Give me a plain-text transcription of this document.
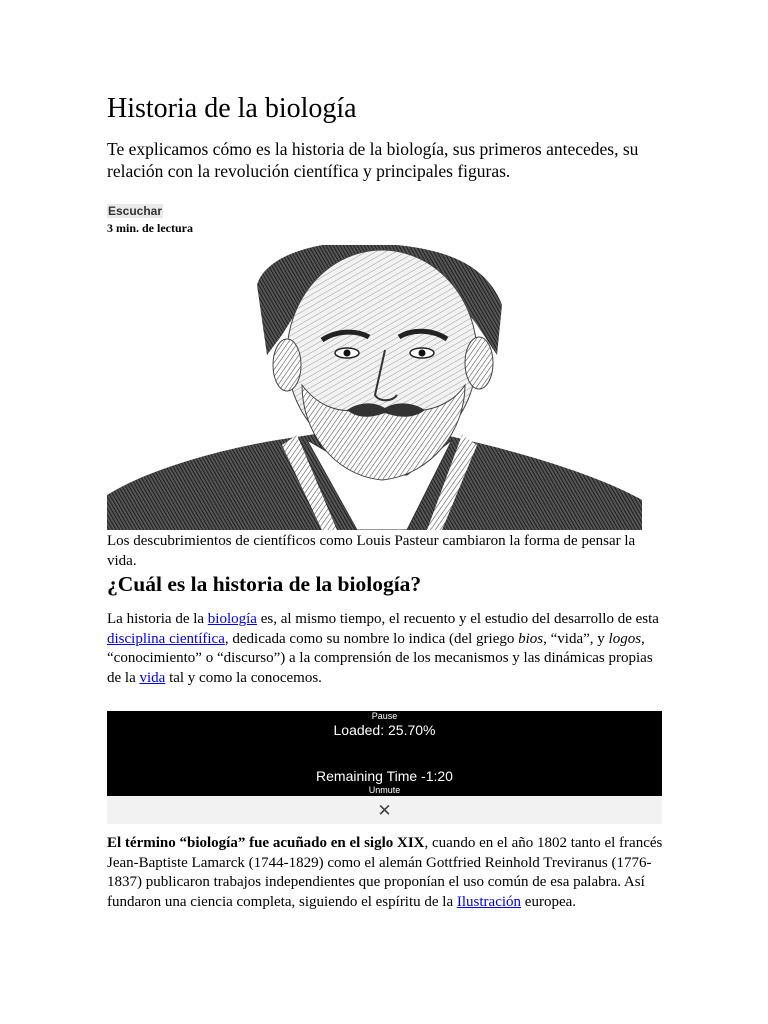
Historia de la biología

Te explicamos cómo es la historia de la biología, sus primeros antecedes, su relación con la revolución científica y principales figuras.

Escuchar
3 min. de lectura

Los descubrimientos de científicos como Louis Pasteur cambiaron la forma de pensar la vida.

¿Cuál es la historia de la biología?

La historia de la biología es, al mismo tiempo, el recuento y el estudio del desarrollo de esta disciplina científica, dedicada como su nombre lo indica (del griego bios, “vida”, y logos, “conocimiento” o “discurso”) a la comprensión de los mecanismos y las dinámicas propias de la vida tal y como la conocemos.

Pause
Loaded: 25.70%
Remaining Time -1:20
Unmute
✕

El término “biología” fue acuñado en el siglo XIX, cuando en el año 1802 tanto el francés Jean-Baptiste Lamarck (1744-1829) como el alemán Gottfried Reinhold Treviranus (1776-1837) publicaron trabajos independientes que proponían el uso común de esa palabra. Así fundaron una ciencia completa, siguiendo el espíritu de la Ilustración europea.
